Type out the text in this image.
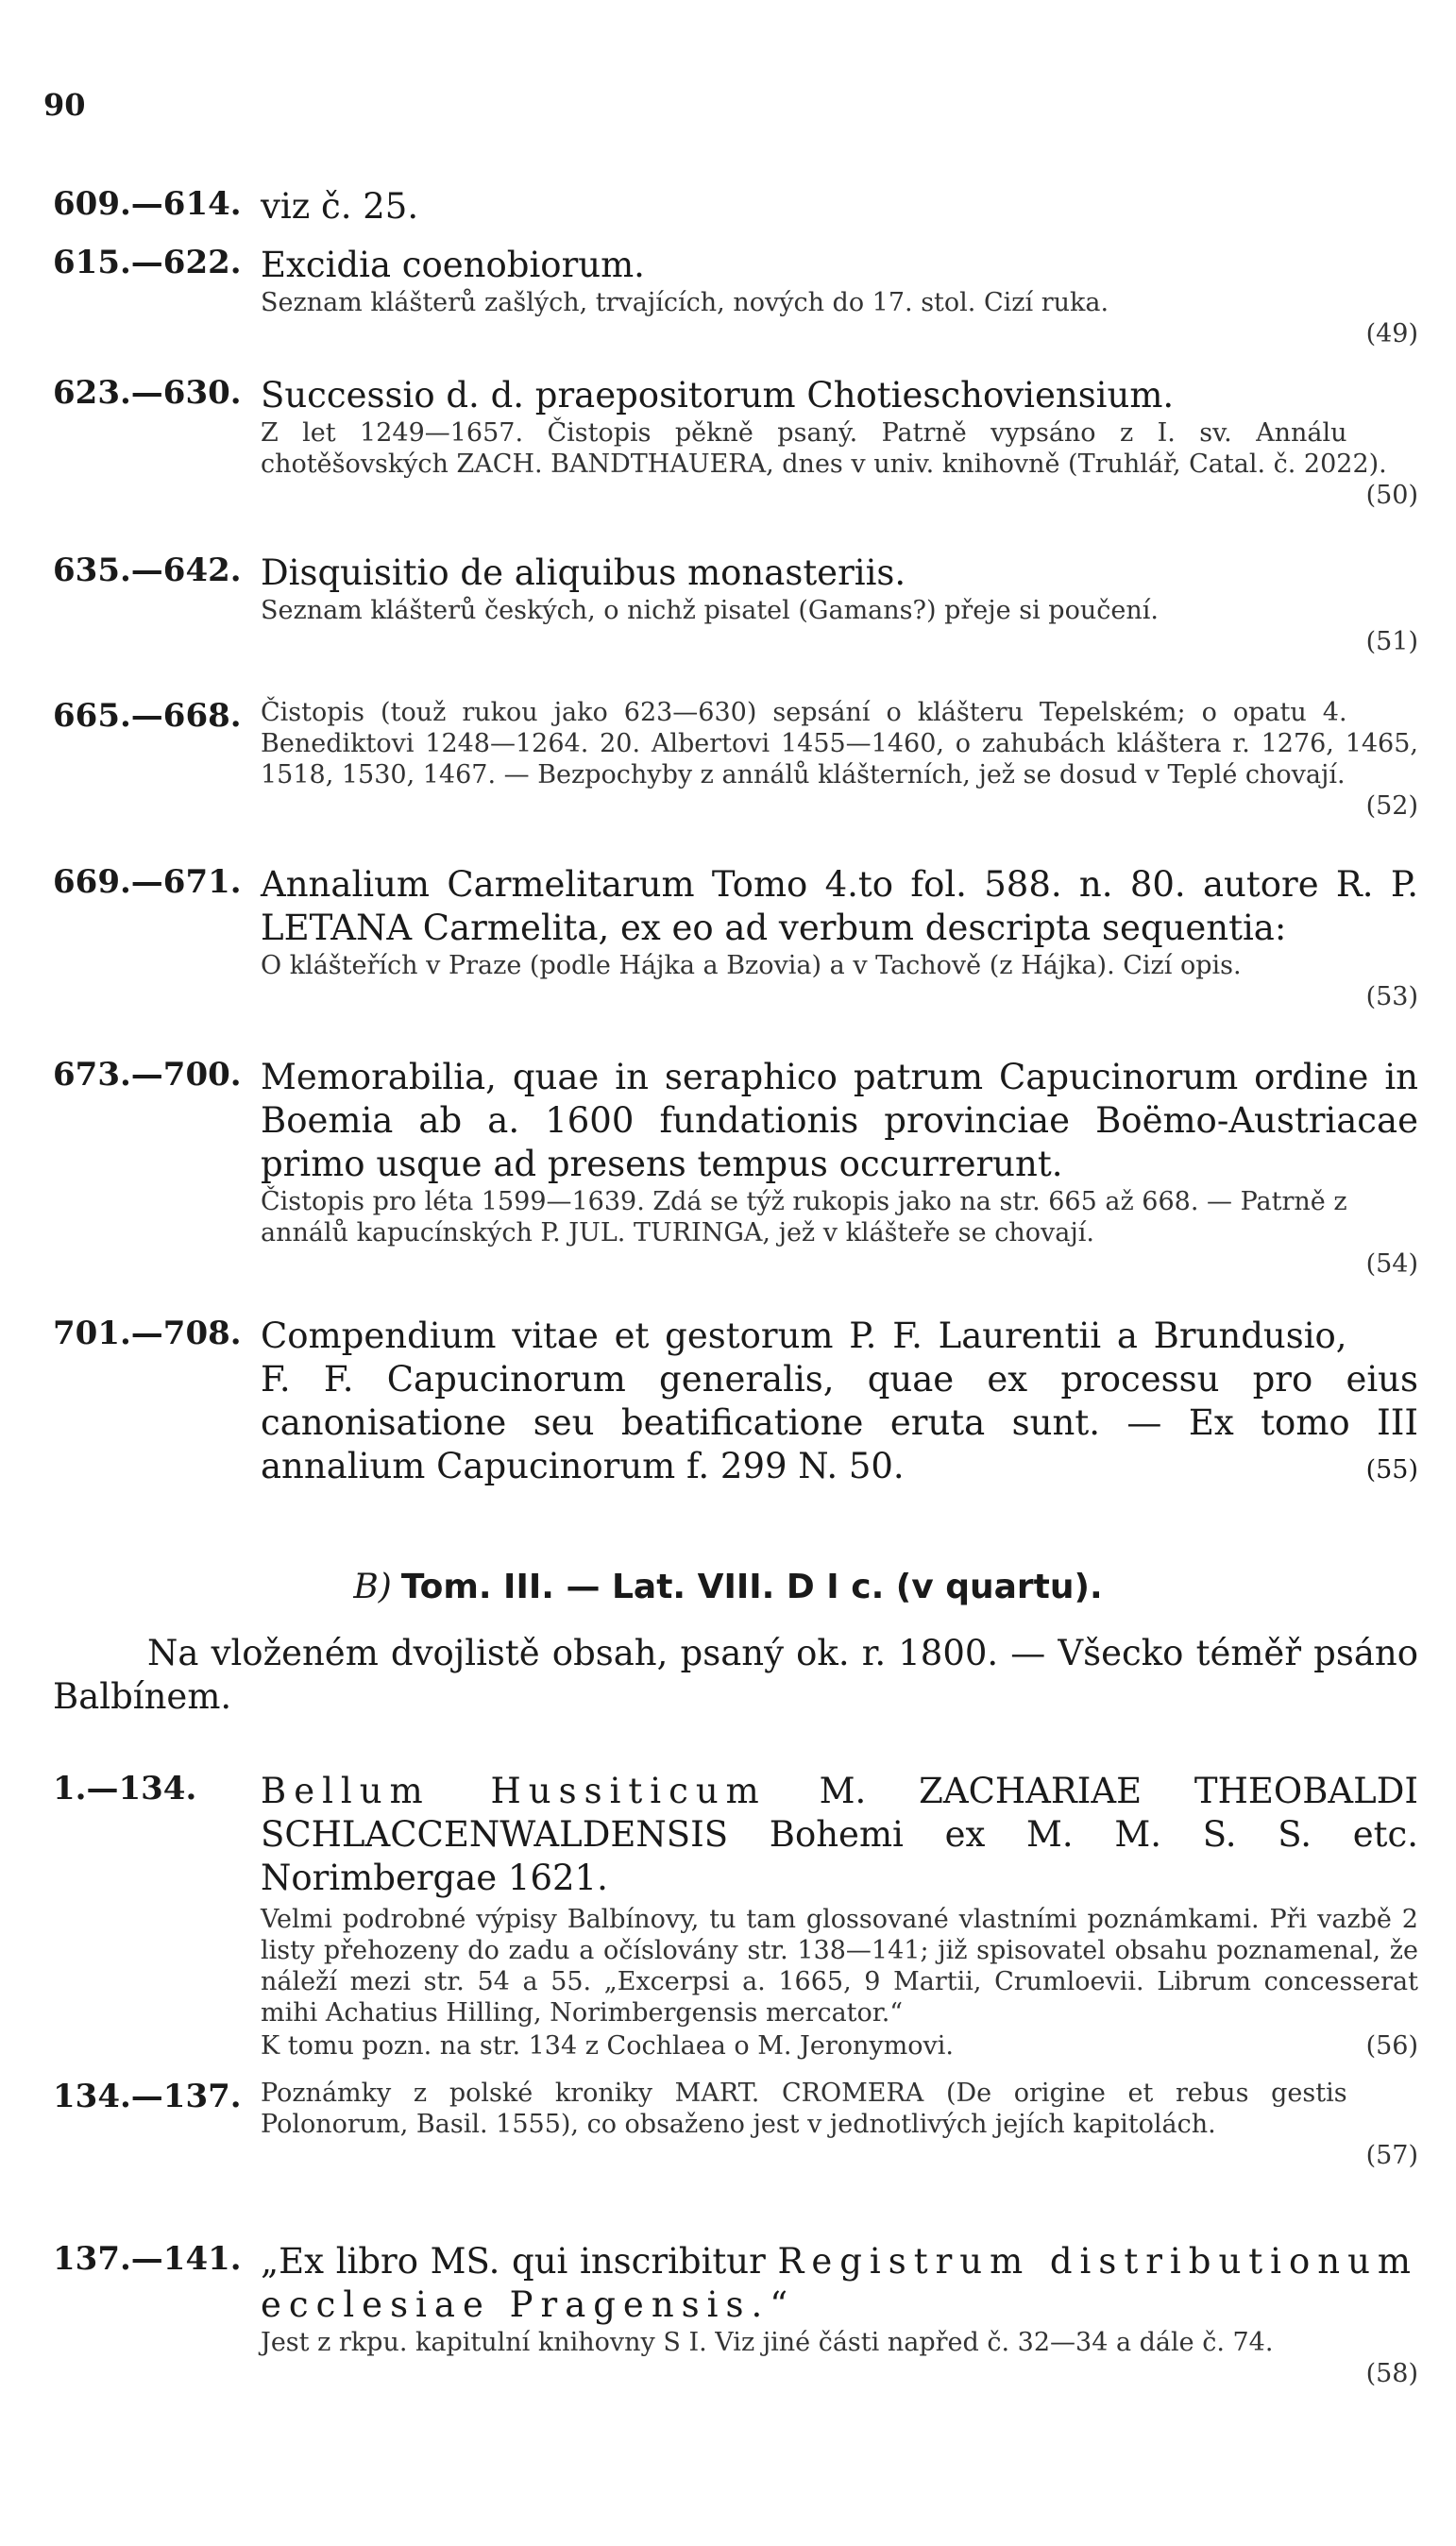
90
609.—614. viz č. 25.
615.—622. Excidia coenobiorum.
Seznam klášterů zašlých, trvajících, nových do 17. stol. Cizí ruka.

(49)
623.—630. Successio d. d. praepositorum Chotieschoviensium.
(50)
Z let 1249—1657. Čistopis pěkně psaný. Patrně vypsáno z I. sv. Annálu chotěšovských ZACH. BANDTHAUERA, dnes v univ. knihovně (Truhlář, Catal. č. 2022).
635.—642. Disquisitio de aliquibus monasteriis.
Seznam klášterů českých, o nichž pisatel (Gamans?) přeje si poučení.

(51)
665.—668.
(52)
Čistopis (touž rukou jako 623—630) sepsání o klášteru Tepelském; o opatu 4. Benediktovi 1248—1264. 20. Albertovi 1455—1460, o zahubách kláštera r. 1276, 1465, 1518, 1530, 1467. — Bezpochyby z annálů klášterních, jež se dosud v Teplé chovají.
669.—671. Annalium Carmelitarum Tomo 4.to fol. 588. n. 80. autore R. P. LETANA Carmelita, ex eo ad verbum descripta sequentia:
(53)
O klášteřích v Praze (podle Hájka a Bzovia) a v Tachově (z Hájka). Cizí opis.
673.—700. Memorabilia, quae in seraphico patrum Capucinorum ordine in Boemia ab a. 1600 fundationis provinciae Boëmo-Austriacae primo usque ad presens tempus occurrerunt.
(54)
Čistopis pro léta 1599—1639. Zdá se týž rukopis jako na str. 665 až 668. — Patrně z annálů kapucínských P. JUL. TURINGA, jež v klášteře se chovají.
701.—708.
(55)
Compendium vitae et gestorum P. F. Laurentii a Brundusio, F. F. Capucinorum generalis, quae ex processu pro eius canonisatione seu beatificatione eruta sunt. — Ex tomo III annalium Capucinorum f. 299 N. 50.
B) Tom. III. — Lat. VIII. D I c. (v quartu).
Na vloženém dvojlistě obsah, psaný ok. r. 1800. — Všecko téměř psáno Balbínem.
1.—134. Bellum Hussiticum M. ZACHARIAE THEOBALDI SCHLACCENWALDENSIS Bohemi ex M. M. S. S. etc. Norimbergae 1621.
Velmi podrobné výpisy Balbínovy, tu tam glossované vlastními poznámkami. Při vazbě 2 listy přehozeny do zadu a očíslovány str. 138—141; již spisovatel obsahu poznamenal, že náleží mezi str. 54 a 55. „Excerpsi a. 1665, 9 Martii, Crumloevii. Librum concesserat mihi Achatius Hilling, Norimbergensis mercator.“
(56)
K tomu pozn. na str. 134 z Cochlaea o M. Jeronymovi.
134.—137.
(57)
Poznámky z polské kroniky MART. CROMERA (De origine et rebus gestis Polonorum, Basil. 1555), co obsaženo jest v jednotlivých jejích kapitolách.
137.—141. „Ex libro MS. qui inscribitur Registrum distributionum ecclesiae Pragensis.“
(58)
Jest z rkpu. kapitulní knihovny S I. Viz jiné části napřed č. 32—34 a dále č. 74.
